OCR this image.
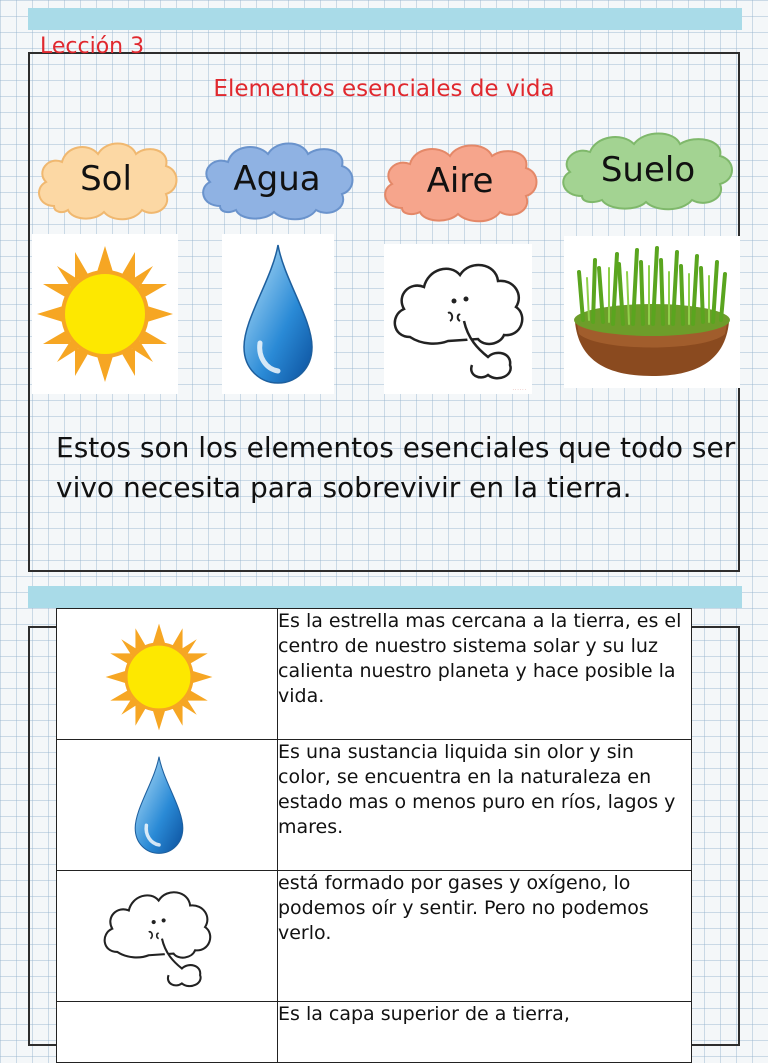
Lección 3
Elementos esenciales de vida
Sol	Agua	Aire	Suelo
· · · · · ·
Estos son los elementos esenciales que todo ser vivo necesita para sobrevivir en la tierra.
	Es la estrella mas cercana a la tierra, es el centro de nuestro sistema solar y su luz calienta nuestro planeta y hace posible la vida.

	Es una sustancia liquida sin olor y sin color, se encuentra en la naturaleza en estado mas o menos puro en ríos, lagos y mares.

	está formado por gases y oxígeno, lo podemos oír y sentir. Pero no podemos verlo.
	Es la capa superior de a tierra,
